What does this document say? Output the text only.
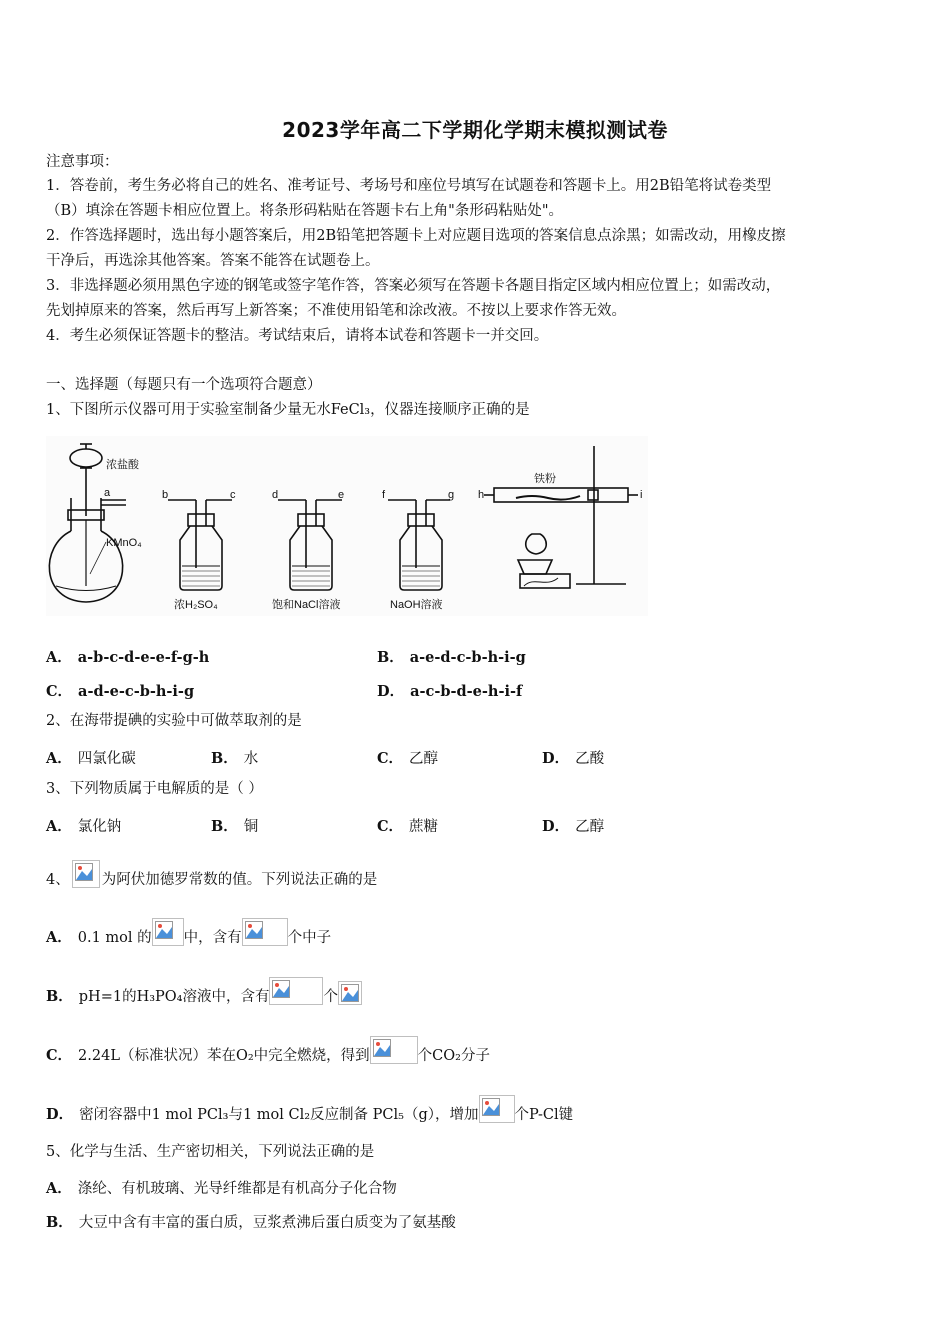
2023学年高二下学期化学期末模拟测试卷
注意事项：
1．答卷前，考生务必将自己的姓名、准考证号、考场号和座位号填写在试题卷和答题卡上。用2B铅笔将试卷类型
（B）填涂在答题卡相应位置上。将条形码粘贴在答题卡右上角"条形码粘贴处"。
2．作答选择题时，选出每小题答案后，用2B铅笔把答题卡上对应题目选项的答案信息点涂黑；如需改动，用橡皮擦
干净后，再选涂其他答案。答案不能答在试题卷上。
3．非选择题必须用黑色字迹的钢笔或签字笔作答，答案必须写在答题卡各题目指定区域内相应位置上；如需改动，
先划掉原来的答案，然后再写上新答案；不准使用铅笔和涂改液。不按以上要求作答无效。
4．考生必须保证答题卡的整洁。考试结束后，请将本试卷和答题卡一并交回。
一、选择题（每题只有一个选项符合题意）
1、下图所示仪器可用于实验室制备少量无水FeCl₃，仪器连接顺序正确的是
浓盐酸
a
KMnO₄
b	c
浓H₂SO₄
d	e
饱和NaCl溶液
f	g
NaOH溶液
铁粉
h	i
A． a-b-c-d-e-e-f-g-h	B． a-e-d-c-b-h-i-g
C． a-d-e-c-b-h-i-g	D． a-c-b-d-e-h-i-f
2、在海带提碘的实验中可做萃取剂的是
A． 四氯化碳	B． 水	C． 乙醇	D． 乙酸
3、下列物质属于电解质的是（ ）
A． 氯化钠	B． 铜	C． 蔗糖	D． 乙醇
4、 为阿伏加德罗常数的值。下列说法正确的是
A． 0.1 mol 的 中，含有	个中子
B． pH=1的H₃PO₄溶液中，含有	个
C． 2.24L（标准状况）苯在O₂中完全燃烧，得到	个CO₂分子
D． 密闭容器中1 mol PCl₃与1 mol Cl₂反应制备 PCl₅（g），增加 个P-Cl键
5、化学与生活、生产密切相关，下列说法正确的是
A． 涤纶、有机玻璃、光导纤维都是有机高分子化合物
B． 大豆中含有丰富的蛋白质，豆浆煮沸后蛋白质变为了氨基酸
